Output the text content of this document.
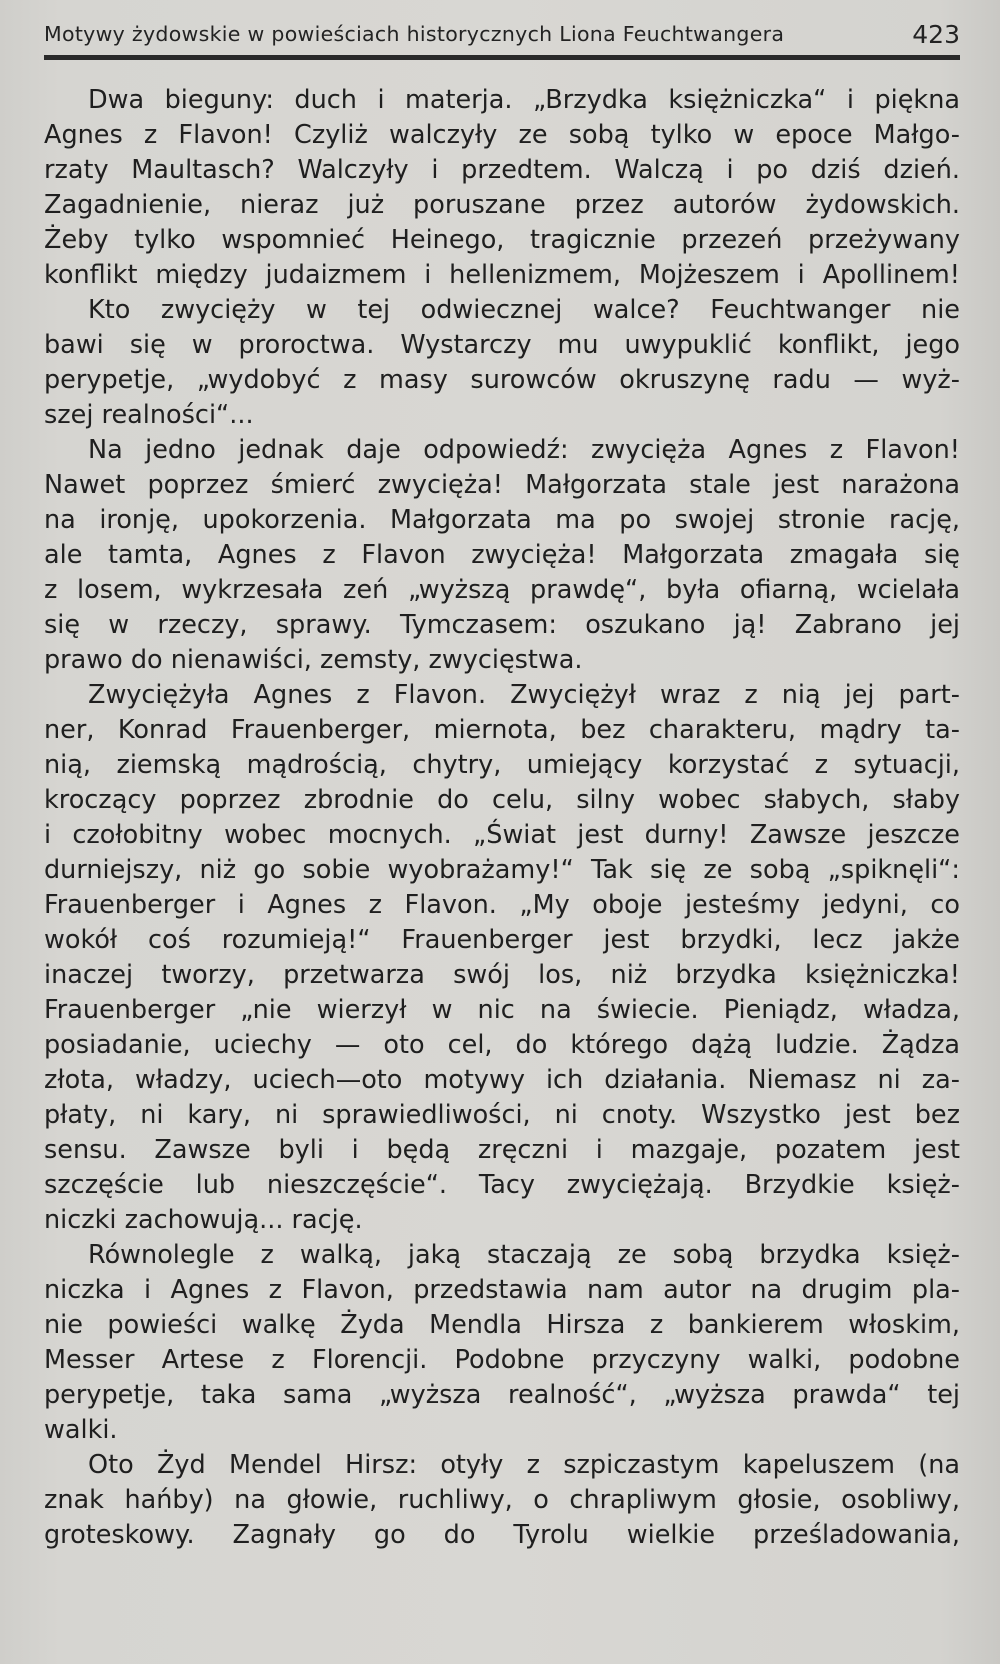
Motywy żydowskie w powieściach historycznych Liona Feuchtwangera	423
Dwa bieguny: duch i materja. „Brzydka księżniczka“ i piękna
Agnes z Flavon! Czyliż walczyły ze sobą tylko w epoce Małgo-
rzaty Maultasch? Walczyły i przedtem. Walczą i po dziś dzień.
Zagadnienie, nieraz już poruszane przez autorów żydowskich.
Żeby tylko wspomnieć Heinego, tragicznie przezeń przeżywany
konflikt między judaizmem i hellenizmem, Mojżeszem i Apollinem!
Kto zwycięży w tej odwiecznej walce? Feuchtwanger nie
bawi się w proroctwa. Wystarczy mu uwypuklić konflikt, jego
perypetje, „wydobyć z masy surowców okruszynę radu — wyż-
szej realności“...
Na jedno jednak daje odpowiedź: zwycięża Agnes z Flavon!
Nawet poprzez śmierć zwycięża! Małgorzata stale jest narażona
na ironję, upokorzenia. Małgorzata ma po swojej stronie rację,
ale tamta, Agnes z Flavon zwycięża! Małgorzata zmagała się
z losem, wykrzesała zeń „wyższą prawdę“, była ofiarną, wcielała
się w rzeczy, sprawy. Tymczasem: oszukano ją! Zabrano jej
prawo do nienawiści, zemsty, zwycięstwa.
Zwyciężyła Agnes z Flavon. Zwyciężył wraz z nią jej part-
ner, Konrad Frauenberger, miernota, bez charakteru, mądry ta-
nią, ziemską mądrością, chytry, umiejący korzystać z sytuacji,
kroczący poprzez zbrodnie do celu, silny wobec słabych, słaby
i czołobitny wobec mocnych. „Świat jest durny! Zawsze jeszcze
durniejszy, niż go sobie wyobrażamy!“ Tak się ze sobą „spiknęli“:
Frauenberger i Agnes z Flavon. „My oboje jesteśmy jedyni, co
wokół coś rozumieją!“ Frauenberger jest brzydki, lecz jakże
inaczej tworzy, przetwarza swój los, niż brzydka księżniczka!
Frauenberger „nie wierzył w nic na świecie. Pieniądz, władza,
posiadanie, uciechy — oto cel, do którego dążą ludzie. Żądza
złota, władzy, uciech—oto motywy ich działania. Niemasz ni za-
płaty, ni kary, ni sprawiedliwości, ni cnoty. Wszystko jest bez
sensu. Zawsze byli i będą zręczni i mazgaje, pozatem jest
szczęście lub nieszczęście“. Tacy zwyciężają. Brzydkie księż-
niczki zachowują... rację.
Równolegle z walką, jaką staczają ze sobą brzydka księż-
niczka i Agnes z Flavon, przedstawia nam autor na drugim pla-
nie powieści walkę Żyda Mendla Hirsza z bankierem włoskim,
Messer Artese z Florencji. Podobne przyczyny walki, podobne
perypetje, taka sama „wyższa realność“, „wyższa prawda“ tej
walki.
Oto Żyd Mendel Hirsz: otyły z szpiczastym kapeluszem (na
znak hańby) na głowie, ruchliwy, o chrapliwym głosie, osobliwy,
groteskowy. Zagnały go do Tyrolu wielkie prześladowania,
